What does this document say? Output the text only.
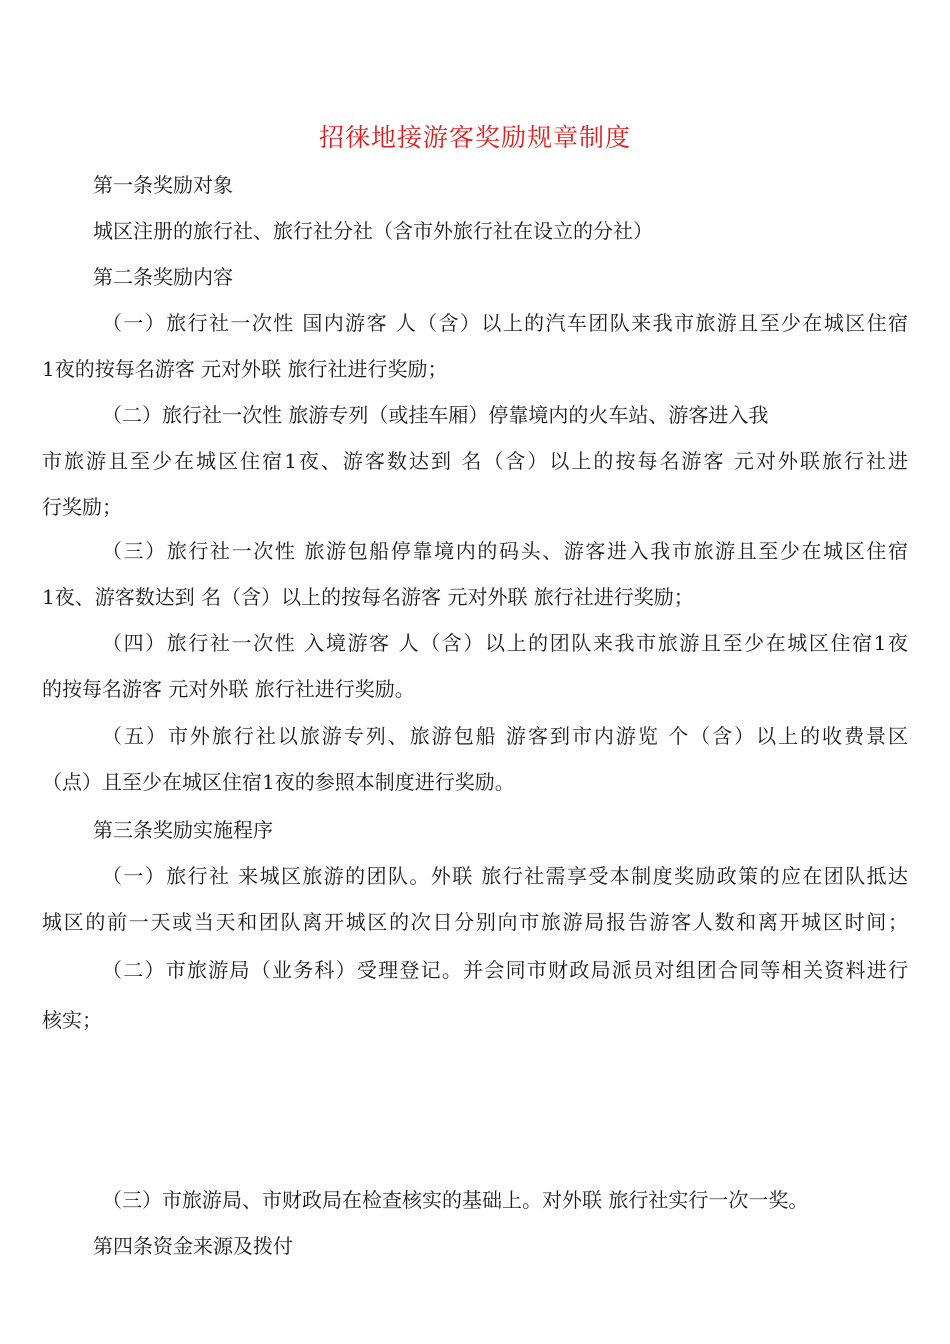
招徕地接游客奖励规章制度
第一条奖励对象
城区注册的旅行社、旅行社分社（含市外旅行社在设立的分社）
第二条奖励内容
（一）旅行社一次性 国内游客 人（含）以上的汽车团队来我市旅游且至少在城区住宿
1夜的按每名游客 元对外联 旅行社进行奖励；
（二）旅行社一次性 旅游专列（或挂车厢）停靠境内的火车站、游客进入我
市旅游且至少在城区住宿1夜、游客数达到 名（含）以上的按每名游客 元对外联旅行社进
行奖励；
（三）旅行社一次性 旅游包船停靠境内的码头、游客进入我市旅游且至少在城区住宿
1夜、游客数达到 名（含）以上的按每名游客 元对外联 旅行社进行奖励；
（四）旅行社一次性 入境游客 人（含）以上的团队来我市旅游且至少在城区住宿1夜
的按每名游客 元对外联 旅行社进行奖励。
（五）市外旅行社以旅游专列、旅游包船 游客到市内游览 个（含）以上的收费景区
（点）且至少在城区住宿1夜的参照本制度进行奖励。
第三条奖励实施程序
（一）旅行社 来城区旅游的团队。外联 旅行社需享受本制度奖励政策的应在团队抵达
城区的前一天或当天和团队离开城区的次日分别向市旅游局报告游客人数和离开城区时间；
（二）市旅游局（业务科）受理登记。并会同市财政局派员对组团合同等相关资料进行
核实；
（三）市旅游局、市财政局在检查核实的基础上。对外联 旅行社实行一次一奖。
第四条资金来源及拨付
